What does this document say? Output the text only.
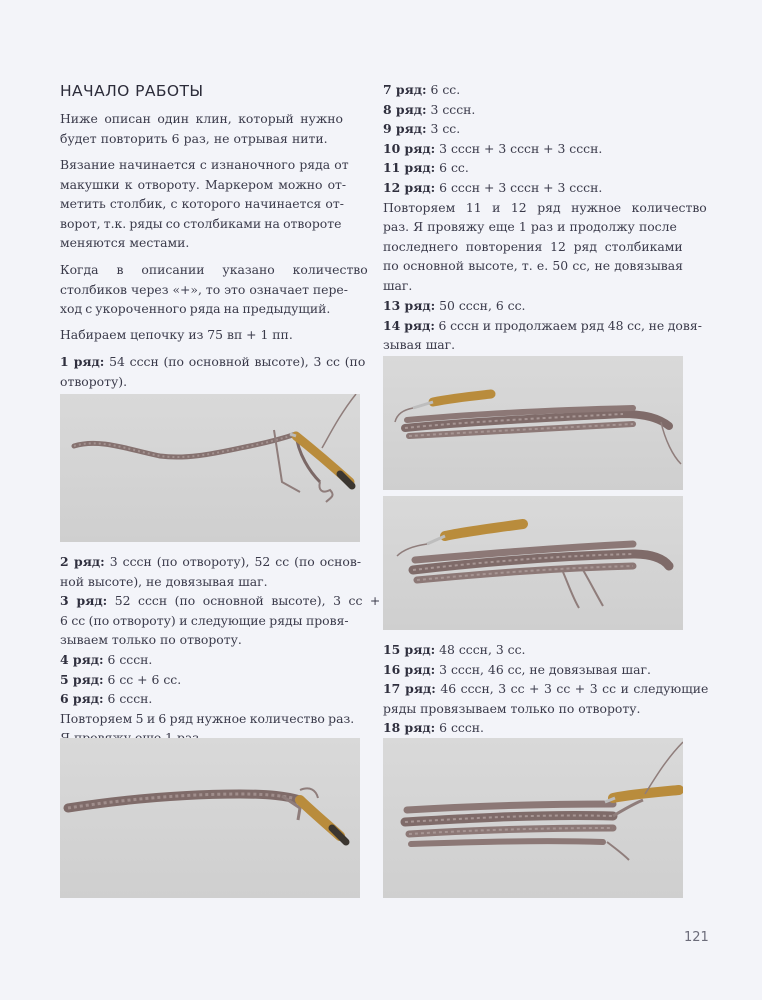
НАЧАЛО РАБОТЫ
Ниже описан один клин, который нужно
будет повторить 6 раз, не отрывая нити.
Вязание начинается с изнаночного ряда от
макушки к отвороту. Маркером можно от-
метить столбик, с которого начинается от-
ворот, т.к. ряды со столбиками на отвороте
меняются местами.
Когда в описании указано количество
столбиков через «+», то это означает пере-
ход с укороченного ряда на предыдущий.
Набираем цепочку из 75 вп + 1 пп.
1 ряд: 54 сссн (по основной высоте), 3 сс (по
отвороту).
2 ряд: 3 сссн (по отвороту), 52 сс (по основ-
ной высоте), не довязывая шаг.
3 ряд: 52 сссн (по основной высоте), 3 сс +
6 сс (по отвороту) и следующие ряды провя-
зываем только по отвороту.
4 ряд: 6 сссн.
5 ряд: 6 сс + 6 сс.
6 ряд: 6 сссн.
Повторяем 5 и 6 ряд нужное количество раз.
7 ряд: 6 сс.
8 ряд: 3 сссн.
9 ряд: 3 сс.
10 ряд: 3 сссн + 3 сссн + 3 сссн.
11 ряд: 6 сс.
12 ряд: 6 сссн + 3 сссн + 3 сссн.
Повторяем 11 и 12 ряд нужное количество
раз. Я провяжу еще 1 раз и продолжу после
последнего повторения 12 ряд столбиками
по основной высоте, т. е. 50 сс, не довязывая
шаг.
13 ряд: 50 сссн, 6 сс.
14 ряд: 6 сссн и продолжаем ряд 48 сс, не довя-
зывая шаг.
15 ряд: 48 сссн, 3 сс.
16 ряд: 3 сссн, 46 сс, не довязывая шаг.
17 ряд: 46 сссн, 3 сс + 3 сс + 3 сс и следующие
ряды провязываем только по отвороту.
18 ряд: 6 сссн.
121
